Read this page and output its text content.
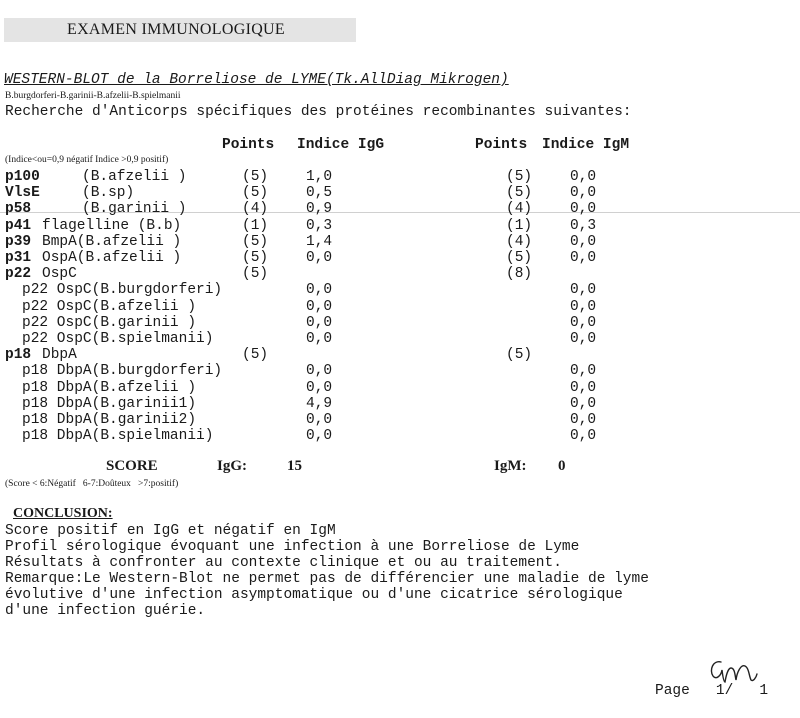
EXAMEN IMMUNOLOGIQUE
WESTERN-BLOT de la Borreliose de LYME(Tk.AllDiag Mikrogen)
B.burgdorferi-B.garinii-B.afzelii-B.spielmanii
Recherche d'Anticorps spécifiques des protéines recombinantes suivantes:
Points Indice IgG	Points Indice IgM
(Indice<ou=0,9 négatif Indice >0,9 positif)
p100	(B.afzelii )	(5)	1,0	(5)	0,0
VlsE	(B.sp)	(5)	0,5	(5)	0,0
p58	(B.garinii )	(4)	0,9	(4)	0,0
p41 flagelline (B.b)	(1)	0,3	(1)	0,3
p39 BmpA(B.afzelii )	(5)	1,4	(4)	0,0
p31 OspA(B.afzelii )	(5)	0,0	(5)	0,0
p22 OspC	(5)	(8)
p22 OspC(B.burgdorferi)	0,0	0,0
p22 OspC(B.afzelii )	0,0	0,0
p22 OspC(B.garinii )	0,0	0,0
p22 OspC(B.spielmanii)	0,0	0,0
p18 DbpA	(5)	(5)
p18 DbpA(B.burgdorferi)	0,0	0,0
p18 DbpA(B.afzelii )	0,0	0,0
p18 DbpA(B.garinii1)	4,9	0,0
p18 DbpA(B.garinii2)	0,0	0,0
p18 DbpA(B.spielmanii)	0,0	0,0
SCORE	IgG:	15	IgM: 0
(Score < 6:Négatif   6-7:Doûteux   >7:positif)
CONCLUSION:
Score positif en IgG et négatif en IgM
Profil sérologique évoquant une infection à une Borreliose de Lyme
Résultats à confronter au contexte clinique et ou au traitement.
Remarque:Le Western-Blot ne permet pas de différencier une maladie de lyme
évolutive d'une infection asymptomatique ou d'une cicatrice sérologique
d'une infection guérie.

Page   1/   1
